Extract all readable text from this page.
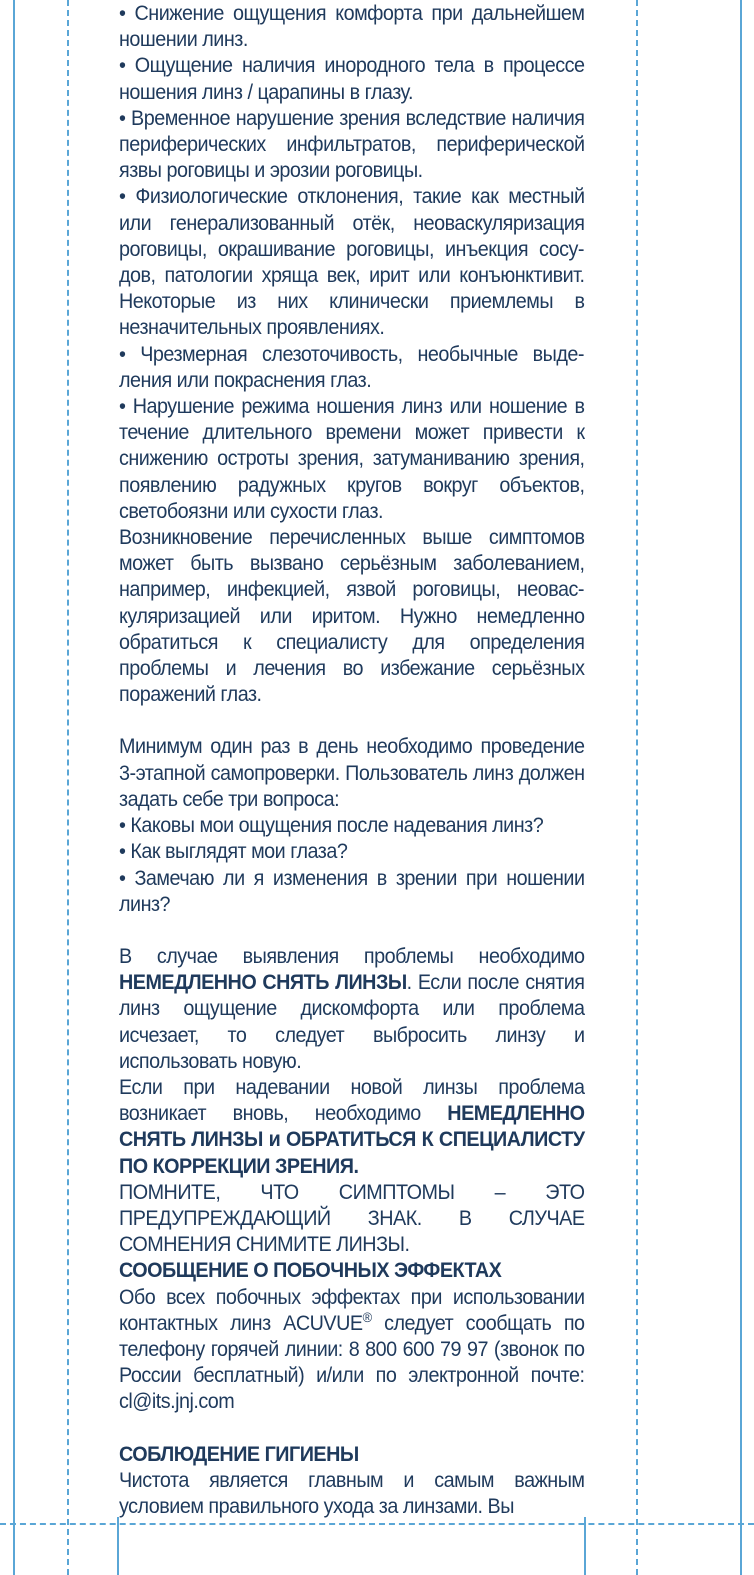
• Снижение ощущения комфорта при дальнейшем ношении линз.

• Ощущение наличия инородного тела в процессе ношения линз / царапины в глазу.

• Временное нарушение зрения вследствие наличия периферических инфильтратов, периферической язвы роговицы и эрозии роговицы.

• Физиологические отклонения, такие как местный или генерализованный отёк, неоваскуляризация роговицы, окрашивание роговицы, инъекция сосудов, патологии хряща век, ирит или конъюнктивит. Некоторые из них клинически приемлемы в незначительных проявлениях.

• Чрезмерная слезоточивость, необычные выделения или покраснения глаз.

• Нарушение режима ношения линз или ношение в течение длительного времени может привести к снижению остроты зрения, затуманиванию зрения, появлению радужных кругов вокруг объектов, светобоязни или сухости глаз.

Возникновение перечисленных выше симптомов может быть вызвано серьёзным заболеванием, например, инфекцией, язвой роговицы, неоваскуляризацией или иритом. Нужно немедленно обратиться к специалисту для определения проблемы и лечения во избежание серьёзных поражений глаз.

Минимум один раз в день необходимо проведение 3-этапной самопроверки. Пользователь линз должен задать себе три вопроса:

• Каковы мои ощущения после надевания линз?

• Как выглядят мои глаза?

• Замечаю ли я изменения в зрении при ношении линз?

В случае выявления проблемы необходимо НЕМЕДЛЕННО СНЯТЬ ЛИНЗЫ. Если после снятия линз ощущение дискомфорта или проблема исчезает, то следует выбросить линзу и использовать новую.

Если при надевании новой линзы проблема возникает вновь, необходимо НЕМЕДЛЕННО СНЯТЬ ЛИНЗЫ и ОБРАТИТЬСЯ К СПЕЦИАЛИСТУ ПО КОРРЕКЦИИ ЗРЕНИЯ.

ПОМНИТЕ, ЧТО СИМПТОМЫ – ЭТО ПРЕДУПРЕЖДАЮЩИЙ ЗНАК. В СЛУЧАЕ СОМНЕНИЯ СНИМИТЕ ЛИНЗЫ.

СООБЩЕНИЕ О ПОБОЧНЫХ ЭФФЕКТАХ

Обо всех побочных эффектах при использовании контактных линз ACUVUE® следует сообщать по телефону горячей линии: 8 800 600 79 97 (звонок по России бесплатный) и/или по электронной почте: cl@its.jnj.com

СОБЛЮДЕНИЕ ГИГИЕНЫ

Чистота является главным и самым важным условием правильного ухода за линзами. Вы
